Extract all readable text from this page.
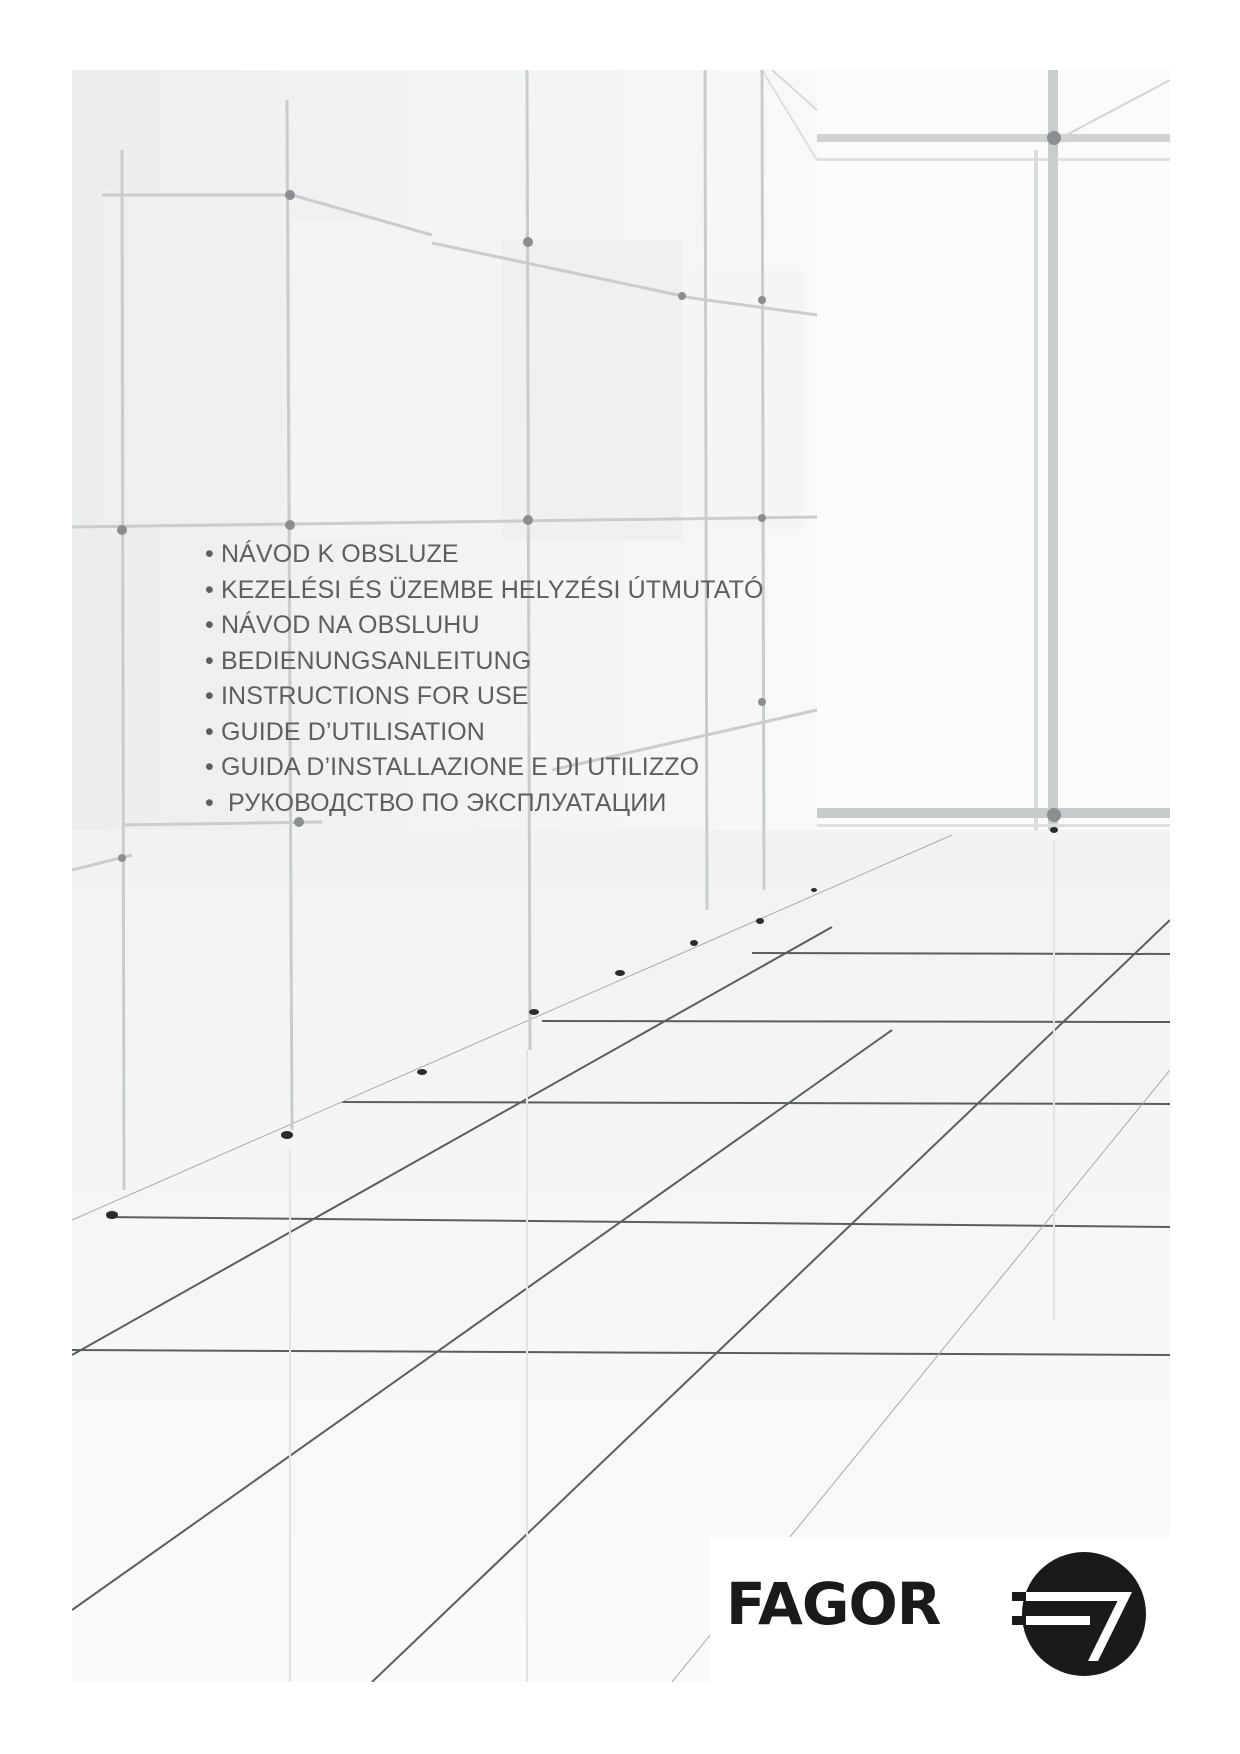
• NÁVOD K OBSLUZE
• KEZELÉSI ÉS ÜZEMBE HELYZÉSI ÚTMUTATÓ
• NÁVOD NA OBSLUHU
• BEDIENUNGSANLEITUNG
• INSTRUCTIONS FOR USE
• GUIDE D’UTILISATION
• GUIDA D’INSTALLAZIONE E DI UTILIZZO
• РУКОВОДСТВО ПО ЭКСПЛУАТАЦИИ
FAGOR
